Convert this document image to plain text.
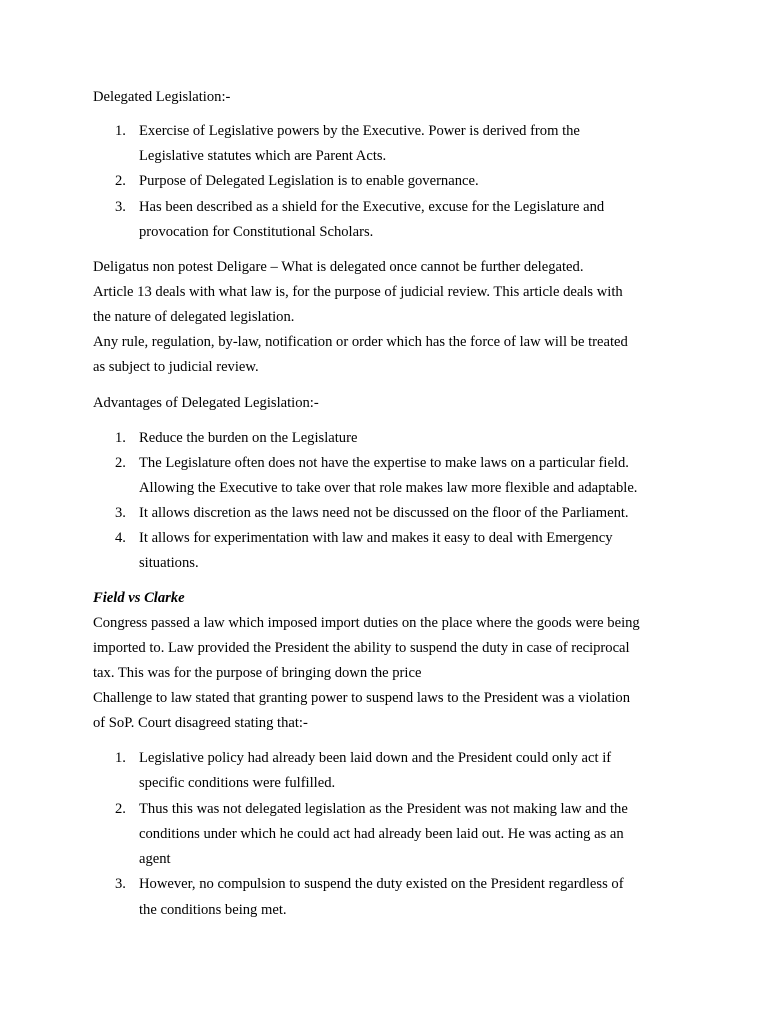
Delegated Legislation:-
1. Exercise of Legislative powers by the Executive. Power is derived from the
Legislative statutes which are Parent Acts.
2. Purpose of Delegated Legislation is to enable governance.
3. Has been described as a shield for the Executive, excuse for the Legislature and
provocation for Constitutional Scholars.
Deligatus non potest Deligare – What is delegated once cannot be further delegated.
Article 13 deals with what law is, for the purpose of judicial review. This article deals with
the nature of delegated legislation.
Any rule, regulation, by-law, notification or order which has the force of law will be treated
as subject to judicial review.
Advantages of Delegated Legislation:-
1. Reduce the burden on the Legislature
2. The Legislature often does not have the expertise to make laws on a particular field.
Allowing the Executive to take over that role makes law more flexible and adaptable.
3. It allows discretion as the laws need not be discussed on the floor of the Parliament.
4. It allows for experimentation with law and makes it easy to deal with Emergency
situations.
Field vs Clarke
Congress passed a law which imposed import duties on the place where the goods were being
imported to. Law provided the President the ability to suspend the duty in case of reciprocal
tax. This was for the purpose of bringing down the price
Challenge to law stated that granting power to suspend laws to the President was a violation
of SoP. Court disagreed stating that:-
1. Legislative policy had already been laid down and the President could only act if
specific conditions were fulfilled.
2. Thus this was not delegated legislation as the President was not making law and the
conditions under which he could act had already been laid out. He was acting as an
agent
3. However, no compulsion to suspend the duty existed on the President regardless of
the conditions being met.
